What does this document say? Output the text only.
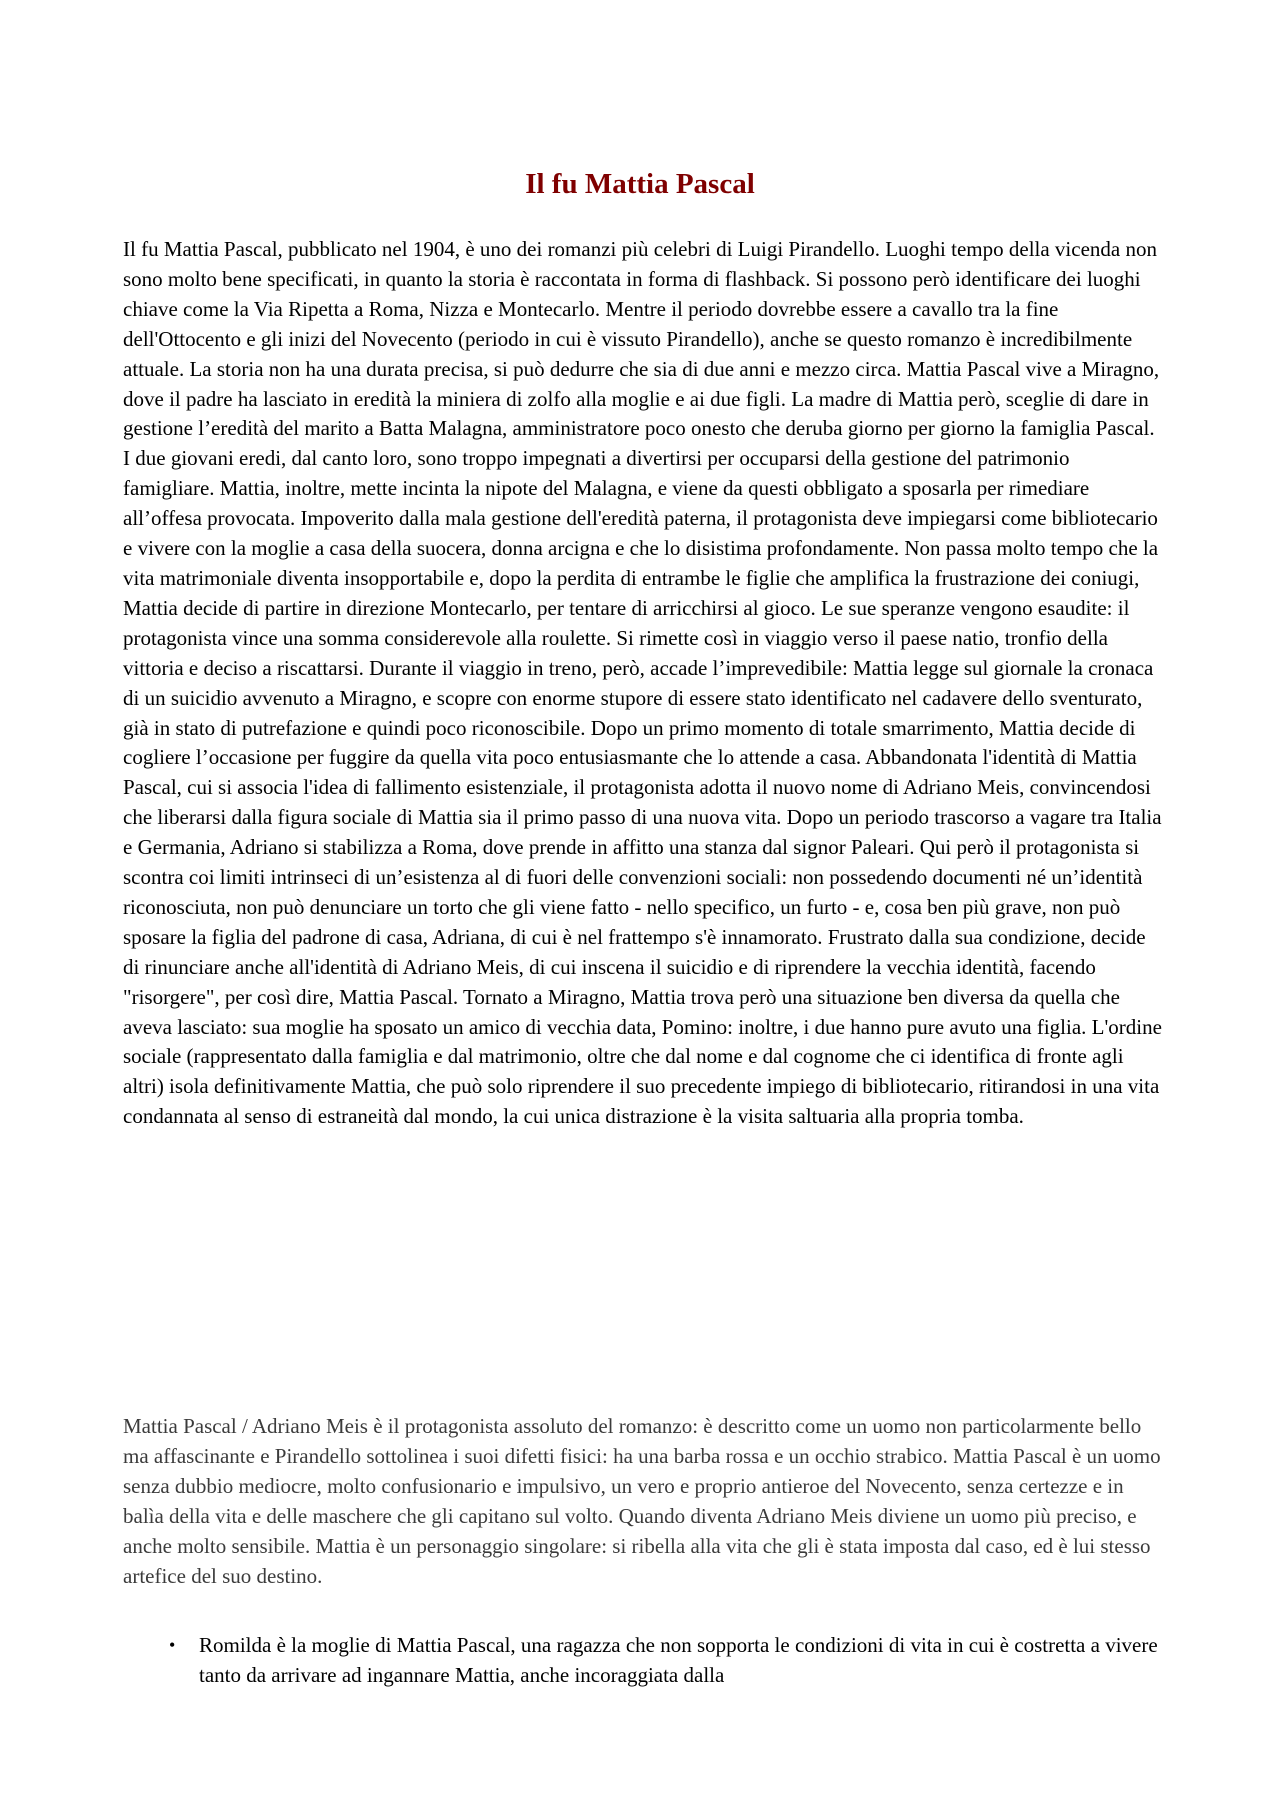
Il fu Mattia Pascal

Il fu Mattia Pascal, pubblicato nel 1904, è uno dei romanzi più celebri di Luigi Pirandello. Luoghi tempo della vicenda non sono molto bene specificati, in quanto la storia è raccontata in forma di flashback. Si possono però identificare dei luoghi chiave come la Via Ripetta a Roma, Nizza e Montecarlo. Mentre il periodo dovrebbe essere a cavallo tra la fine dell'Ottocento e gli inizi del Novecento (periodo in cui è vissuto Pirandello), anche se questo romanzo è incredibilmente attuale. La storia non ha una durata precisa, si può dedurre che sia di due anni e mezzo circa. Mattia Pascal vive a Miragno, dove il padre ha lasciato in eredità la miniera di zolfo alla moglie e ai due figli. La madre di Mattia però, sceglie di dare in gestione l’eredità del marito a Batta Malagna, amministratore poco onesto che deruba giorno per giorno la famiglia Pascal. I due giovani eredi, dal canto loro, sono troppo impegnati a divertirsi per occuparsi della gestione del patrimonio famigliare. Mattia, inoltre, mette incinta la nipote del Malagna, e viene da questi obbligato a sposarla per rimediare all’offesa provocata. Impoverito dalla mala gestione dell'eredità paterna, il protagonista deve impiegarsi come bibliotecario e vivere con la moglie a casa della suocera, donna arcigna e che lo disistima profondamente. Non passa molto tempo che la vita matrimoniale diventa insopportabile e, dopo la perdita di entrambe le figlie che amplifica la frustrazione dei coniugi, Mattia decide di partire in direzione Montecarlo, per tentare di arricchirsi al gioco. Le sue speranze vengono esaudite: il protagonista vince una somma considerevole alla roulette. Si rimette così in viaggio verso il paese natio, tronfio della vittoria e deciso a riscattarsi. Durante il viaggio in treno, però, accade l’imprevedibile: Mattia legge sul giornale la cronaca di un suicidio avvenuto a Miragno, e scopre con enorme stupore di essere stato identificato nel cadavere dello sventurato, già in stato di putrefazione e quindi poco riconoscibile. Dopo un primo momento di totale smarrimento, Mattia decide di cogliere l’occasione per fuggire da quella vita poco entusiasmante che lo attende a casa. Abbandonata l'identità di Mattia Pascal, cui si associa l'idea di fallimento esistenziale, il protagonista adotta il nuovo nome di Adriano Meis, convincendosi che liberarsi dalla figura sociale di Mattia sia il primo passo di una nuova vita. Dopo un periodo trascorso a vagare tra Italia e Germania, Adriano si stabilizza a Roma, dove prende in affitto una stanza dal signor Paleari. Qui però il protagonista si scontra coi limiti intrinseci di un’esistenza al di fuori delle convenzioni sociali: non possedendo documenti né un’identità riconosciuta, non può denunciare un torto che gli viene fatto - nello specifico, un furto - e, cosa ben più grave, non può sposare la figlia del padrone di casa, Adriana, di cui è nel frattempo s'è innamorato. Frustrato dalla sua condizione, decide di rinunciare anche all'identità di Adriano Meis, di cui inscena il suicidio e di riprendere la vecchia identità, facendo "risorgere", per così dire, Mattia Pascal. Tornato a Miragno, Mattia trova però una situazione ben diversa da quella che aveva lasciato: sua moglie ha sposato un amico di vecchia data, Pomino: inoltre, i due hanno pure avuto una figlia. L'ordine sociale (rappresentato dalla famiglia e dal matrimonio, oltre che dal nome e dal cognome che ci identifica di fronte agli altri) isola definitivamente Mattia, che può solo riprendere il suo precedente impiego di bibliotecario, ritirandosi in una vita condannata al senso di estraneità dal mondo, la cui unica distrazione è la visita saltuaria alla propria tomba.

Mattia Pascal / Adriano Meis è il protagonista assoluto del romanzo: è descritto come un uomo non particolarmente bello ma affascinante e Pirandello sottolinea i suoi difetti fisici: ha una barba rossa e un occhio strabico. Mattia Pascal è un uomo senza dubbio mediocre, molto confusionario e impulsivo, un vero e proprio antieroe del Novecento, senza certezze e in balìa della vita e delle maschere che gli capitano sul volto. Quando diventa Adriano Meis diviene un uomo più preciso, e anche molto sensibile. Mattia è un personaggio singolare: si ribella alla vita che gli è stata imposta dal caso, ed è lui stesso artefice del suo destino.

• Romilda è la moglie di Mattia Pascal, una ragazza che non sopporta le condizioni di vita in cui è costretta a vivere tanto da arrivare ad ingannare Mattia, anche incoraggiata dalla
